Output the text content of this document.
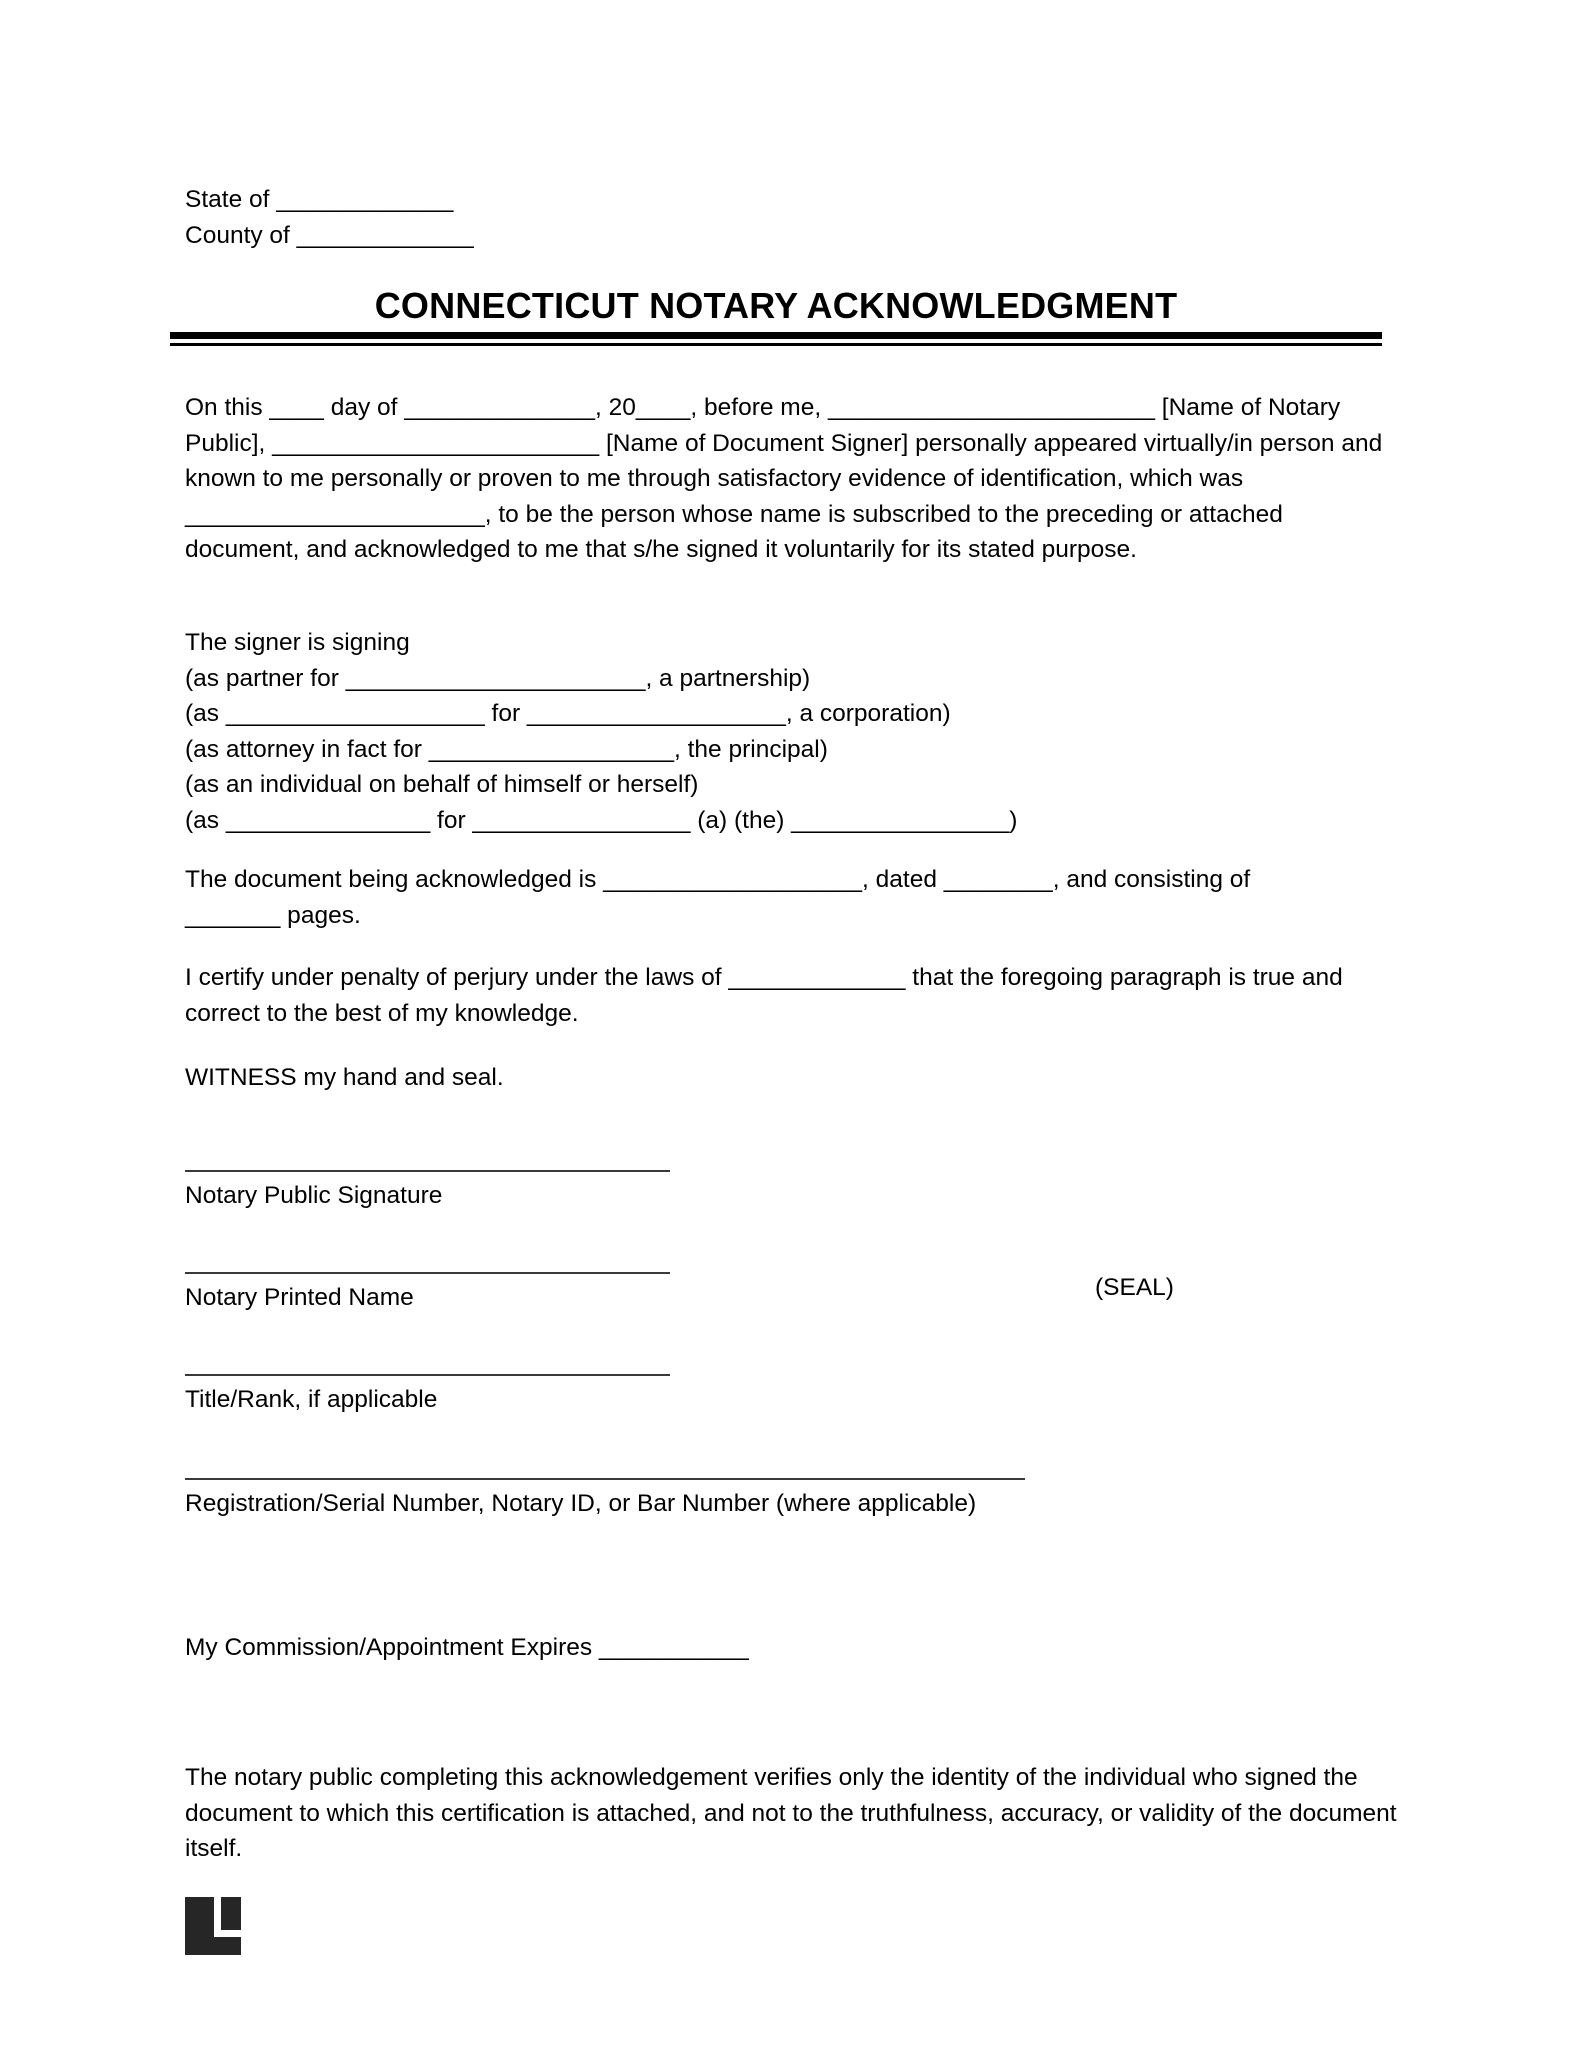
State of _____________
County of _____________
CONNECTICUT NOTARY ACKNOWLEDGMENT
On this ____ day of ______________, 20____, before me, ________________________ [Name of Notary Public], ________________________ [Name of Document Signer] personally appeared virtually/in person and known to me personally or proven to me through satisfactory evidence of identification, which was ______________________, to be the person whose name is subscribed to the preceding or attached document, and acknowledged to me that s/he signed it voluntarily for its stated purpose.
The signer is signing
(as partner for ______________________, a partnership)
(as ___________________ for ___________________, a corporation)
(as attorney in fact for __________________, the principal)
(as an individual on behalf of himself or herself)
(as _______________ for ________________ (a) (the) ________________)
The document being acknowledged is ___________________, dated ________, and consisting of
_______ pages.
I certify under penalty of perjury under the laws of _____________ that the foregoing paragraph is true and correct to the best of my knowledge.
WITNESS my hand and seal.
Notary Public Signature
Notary Printed Name	(SEAL)
Title/Rank, if applicable
Registration/Serial Number, Notary ID, or Bar Number (where applicable)
My Commission/Appointment Expires ___________
The notary public completing this acknowledgement verifies only the identity of the individual who signed the document to which this certification is attached, and not to the truthfulness, accuracy, or validity of the document itself.
